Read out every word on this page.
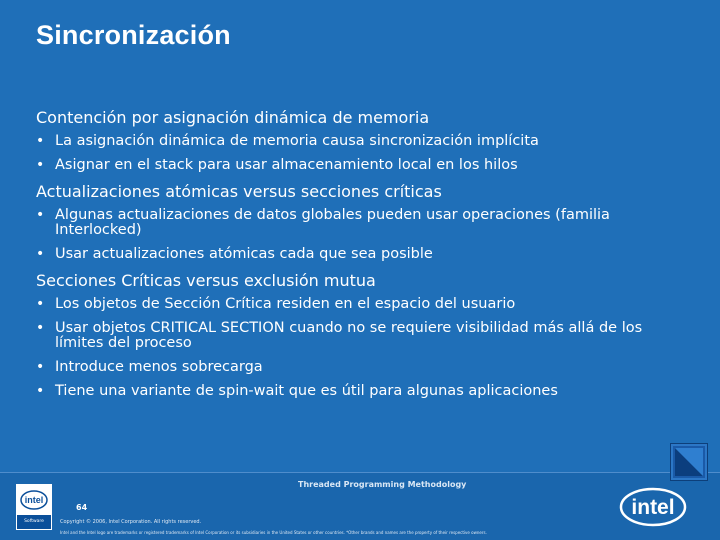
Sincronización
Contención por asignación dinámica de memoria
• La asignación dinámica de memoria causa sincronización implícita
• Asignar en el stack para usar almacenamiento local en los hilos
Actualizaciones atómicas versus secciones críticas
• Algunas actualizaciones de datos globales pueden usar operaciones (familia Interlocked)
• Usar actualizaciones atómicas cada que sea posible
Secciones Críticas versus exclusión mutua
• Los objetos de Sección Crítica residen en el espacio del usuario
• Usar objetos CRITICAL SECTION cuando no se requiere visibilidad más allá de los límites del proceso
• Introduce menos sobrecarga
• Tiene una variante de spin-wait que es útil para algunas aplicaciones
Threaded Programming Methodology
64
Copyright © 2006, Intel Corporation. All rights reserved.
Intel and the Intel logo are trademarks or registered trademarks of Intel Corporation or its subsidiaries in the United States or other countries. *Other brands and names are the property of their respective owners.
intel
Software
intel
